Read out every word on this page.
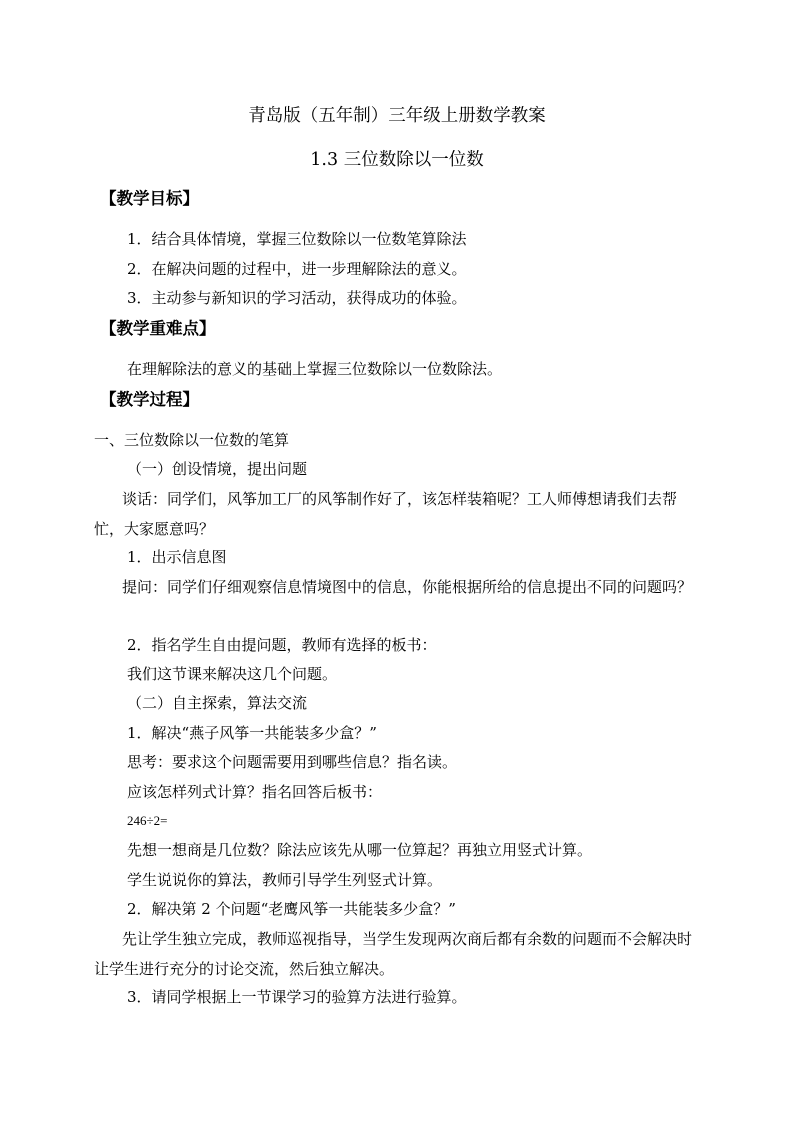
青岛版（五年制）三年级上册数学教案
1.3 三位数除以一位数
【教学目标】
1．结合具体情境，掌握三位数除以一位数笔算除法
2．在解决问题的过程中，进一步理解除法的意义。
3．主动参与新知识的学习活动，获得成功的体验。
【教学重难点】
在理解除法的意义的基础上掌握三位数除以一位数除法。
【教学过程】
一、三位数除以一位数的笔算
（一）创设情境，提出问题
谈话：同学们，风筝加工厂的风筝制作好了，该怎样装箱呢？工人师傅想请我们去帮忙，大家愿意吗？
1．出示信息图
提问：同学们仔细观察信息情境图中的信息，你能根据所给的信息提出不同的问题吗？
2．指名学生自由提问题，教师有选择的板书：
我们这节课来解决这几个问题。
（二）自主探索，算法交流
1．解决“燕子风筝一共能装多少盒？”
思考：要求这个问题需要用到哪些信息？指名读。
应该怎样列式计算？指名回答后板书：
246÷2=
先想一想商是几位数？除法应该先从哪一位算起？再独立用竖式计算。
学生说说你的算法，教师引导学生列竖式计算。
2．解决第 2 个问题“老鹰风筝一共能装多少盒？”
先让学生独立完成，教师巡视指导，当学生发现两次商后都有余数的问题而不会解决时让学生进行充分的讨论交流，然后独立解决。
3．请同学根据上一节课学习的验算方法进行验算。
